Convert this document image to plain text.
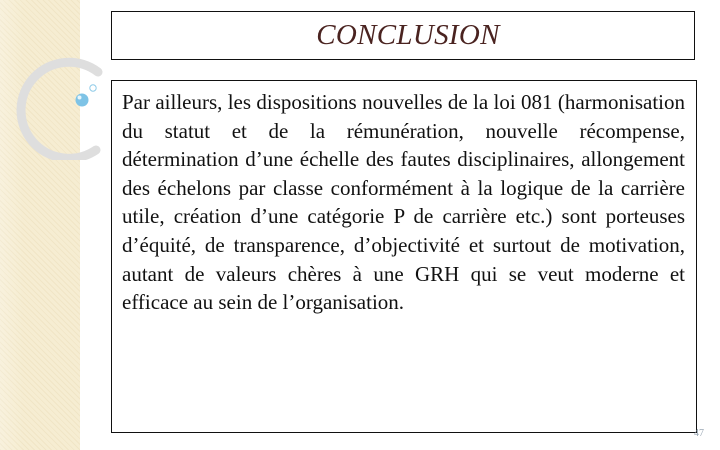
CONCLUSION

Par ailleurs, les dispositions nouvelles de la loi 081 (harmonisation du statut et de la rémunération, nouvelle récompense, détermination d’une échelle des fautes disciplinaires, allongement des échelons par classe conformément à la logique de la carrière utile, création d’une catégorie P de carrière etc.) sont porteuses d’équité, de transparence, d’objectivité et surtout de motivation, autant de valeurs chères à une GRH qui se veut moderne et efficace au sein de l’organisation.

47
